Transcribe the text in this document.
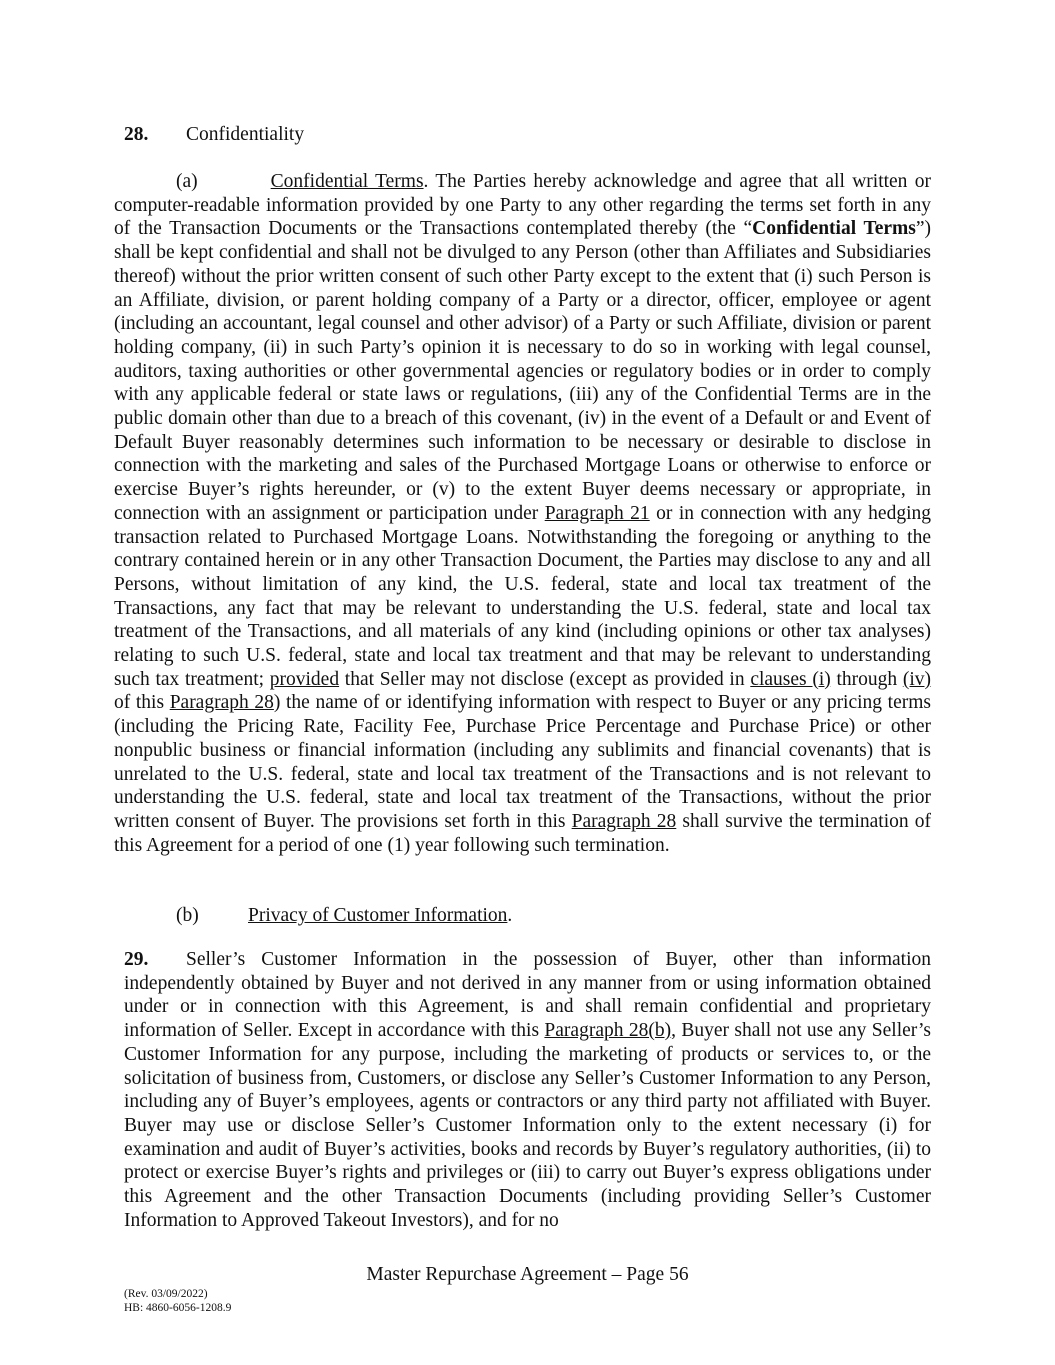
28. Confidentiality
(a)	Confidential Terms. The Parties hereby acknowledge and agree that all written or computer-readable information provided by one Party to any other regarding the terms set forth in any of the Transaction Documents or the Transactions contemplated thereby (the “Confidential Terms”) shall be kept confidential and shall not be divulged to any Person (other than Affiliates and Subsidiaries thereof) without the prior written consent of such other Party except to the extent that (i) such Person is an Affiliate, division, or parent holding company of a Party or a director, officer, employee or agent (including an accountant, legal counsel and other advisor) of a Party or such Affiliate, division or parent holding company, (ii) in such Party’s opinion it is necessary to do so in working with legal counsel, auditors, taxing authorities or other governmental agencies or regulatory bodies or in order to comply with any applicable federal or state laws or regulations, (iii) any of the Confidential Terms are in the public domain other than due to a breach of this covenant, (iv) in the event of a Default or and Event of Default Buyer reasonably determines such information to be necessary or desirable to disclose in connection with the marketing and sales of the Purchased Mortgage Loans or otherwise to enforce or exercise Buyer’s rights hereunder, or (v) to the extent Buyer deems necessary or appropriate, in connection with an assignment or participation under Paragraph 21 or in connection with any hedging transaction related to Purchased Mortgage Loans. Notwithstanding the foregoing or anything to the contrary contained herein or in any other Transaction Document, the Parties may disclose to any and all Persons, without limitation of any kind, the U.S. federal, state and local tax treatment of the Transactions, any fact that may be relevant to understanding the U.S. federal, state and local tax treatment of the Transactions, and all materials of any kind (including opinions or other tax analyses) relating to such U.S. federal, state and local tax treatment and that may be relevant to understanding such tax treatment; provided that Seller may not disclose (except as provided in clauses (i) through (iv) of this Paragraph 28) the name of or identifying information with respect to Buyer or any pricing terms (including the Pricing Rate, Facility Fee, Purchase Price Percentage and Purchase Price) or other nonpublic business or financial information (including any sublimits and financial covenants) that is unrelated to the U.S. federal, state and local tax treatment of the Transactions and is not relevant to understanding the U.S. federal, state and local tax treatment of the Transactions, without the prior written consent of Buyer. The provisions set forth in this Paragraph 28 shall survive the termination of this Agreement for a period of one (1) year following such termination.
(b)	Privacy of Customer Information.
29. Seller’s Customer Information in the possession of Buyer, other than information independently obtained by Buyer and not derived in any manner from or using information obtained under or in connection with this Agreement, is and shall remain confidential and proprietary information of Seller. Except in accordance with this Paragraph 28(b), Buyer shall not use any Seller’s Customer Information for any purpose, including the marketing of products or services to, or the solicitation of business from, Customers, or disclose any Seller’s Customer Information to any Person, including any of Buyer’s employees, agents or contractors or any third party not affiliated with Buyer. Buyer may use or disclose Seller’s Customer Information only to the extent necessary (i) for examination and audit of Buyer’s activities, books and records by Buyer’s regulatory authorities, (ii) to protect or exercise Buyer’s rights and privileges or (iii) to carry out Buyer’s express obligations under this Agreement and the other Transaction Documents (including providing Seller’s Customer Information to Approved Takeout Investors), and for no
Master Repurchase Agreement – Page 56
(Rev. 03/09/2022)
HB: 4860-6056-1208.9
